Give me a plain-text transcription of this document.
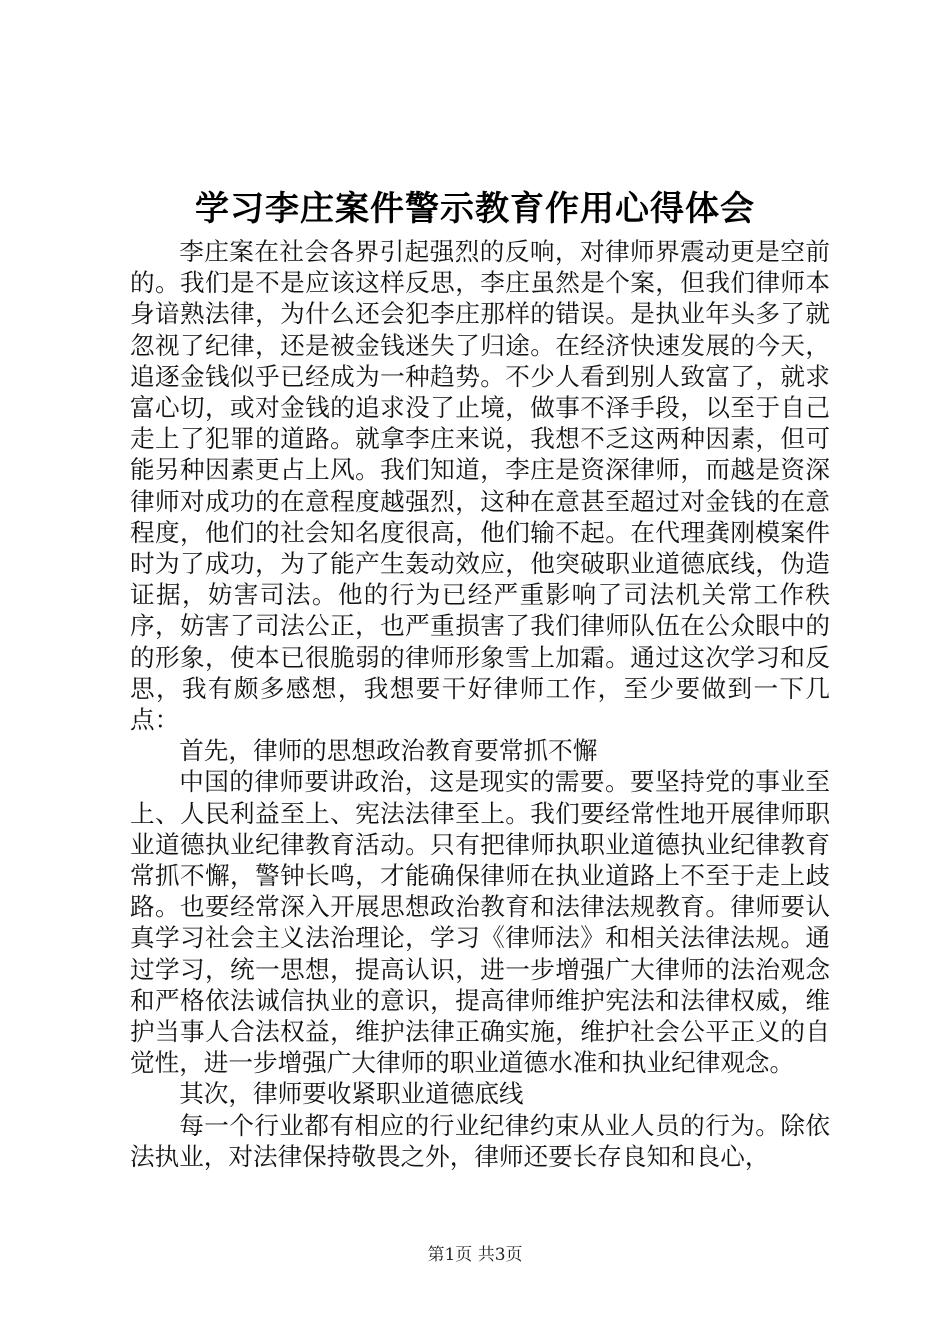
学习李庄案件警示教育作用心得体会

李庄案在社会各界引起强烈的反响，对律师界震动更是空前的。我们是不是应该这样反思，李庄虽然是个案，但我们律师本身谙熟法律，为什么还会犯李庄那样的错误。是执业年头多了就忽视了纪律，还是被金钱迷失了归途。在经济快速发展的今天，追逐金钱似乎已经成为一种趋势。不少人看到别人致富了，就求富心切，或对金钱的追求没了止境，做事不泽手段，以至于自己走上了犯罪的道路。就拿李庄来说，我想不乏这两种因素，但可能另种因素更占上风。我们知道，李庄是资深律师，而越是资深律师对成功的在意程度越强烈，这种在意甚至超过对金钱的在意程度，他们的社会知名度很高，他们输不起。在代理龚刚模案件时为了成功，为了能产生轰动效应，他突破职业道德底线，伪造证据，妨害司法。他的行为已经严重影响了司法机关常工作秩序，妨害了司法公正，也严重损害了我们律师队伍在公众眼中的的形象，使本已很脆弱的律师形象雪上加霜。通过这次学习和反思，我有颇多感想，我想要干好律师工作，至少要做到一下几点：

首先，律师的思想政治教育要常抓不懈

中国的律师要讲政治，这是现实的需要。要坚持党的事业至上、人民利益至上、宪法法律至上。我们要经常性地开展律师职业道德执业纪律教育活动。只有把律师执职业道德执业纪律教育常抓不懈，警钟长鸣，才能确保律师在执业道路上不至于走上歧路。也要经常深入开展思想政治教育和法律法规教育。律师要认真学习社会主义法治理论，学习《律师法》和相关法律法规。通过学习，统一思想，提高认识，进一步增强广大律师的法治观念和严格依法诚信执业的意识，提高律师维护宪法和法律权威，维护当事人合法权益，维护法律正确实施，维护社会公平正义的自觉性，进一步增强广大律师的职业道德水准和执业纪律观念。

其次，律师要收紧职业道德底线

每一个行业都有相应的行业纪律约束从业人员的行为。除依法执业，对法律保持敬畏之外，律师还要长存良知和良心，

第1页 共3页
